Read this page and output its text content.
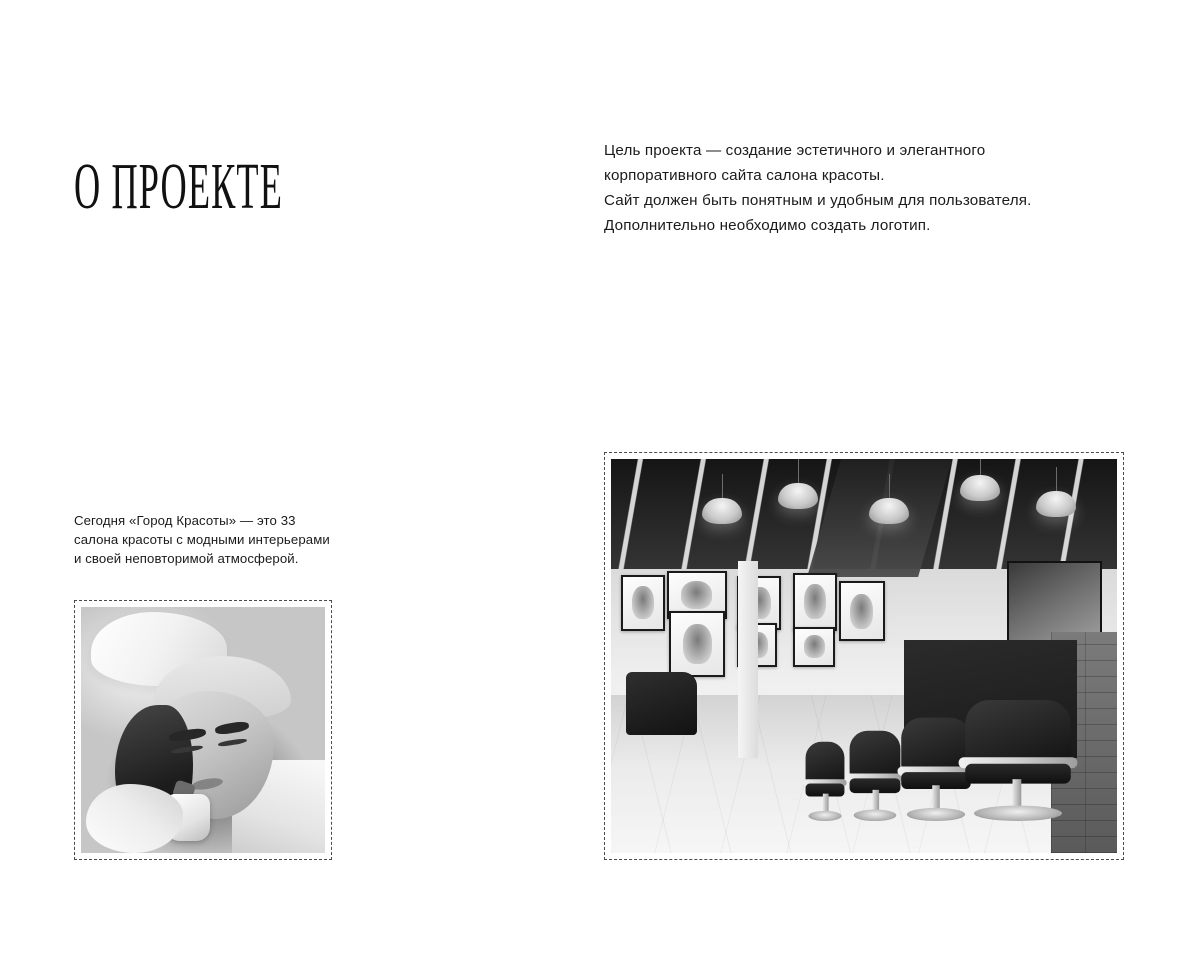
О ПРОЕКТЕ	Цель проекта — создание эстетичного и элегантного
корпоративного сайта салона красоты.
Сайт должен быть понятным и удобным для пользователя.
Дополнительно необходимо создать логотип.
Сегодня «Город Красоты» — это 33 салона красоты с модными интерьерами и своей неповторимой атмосферой.
